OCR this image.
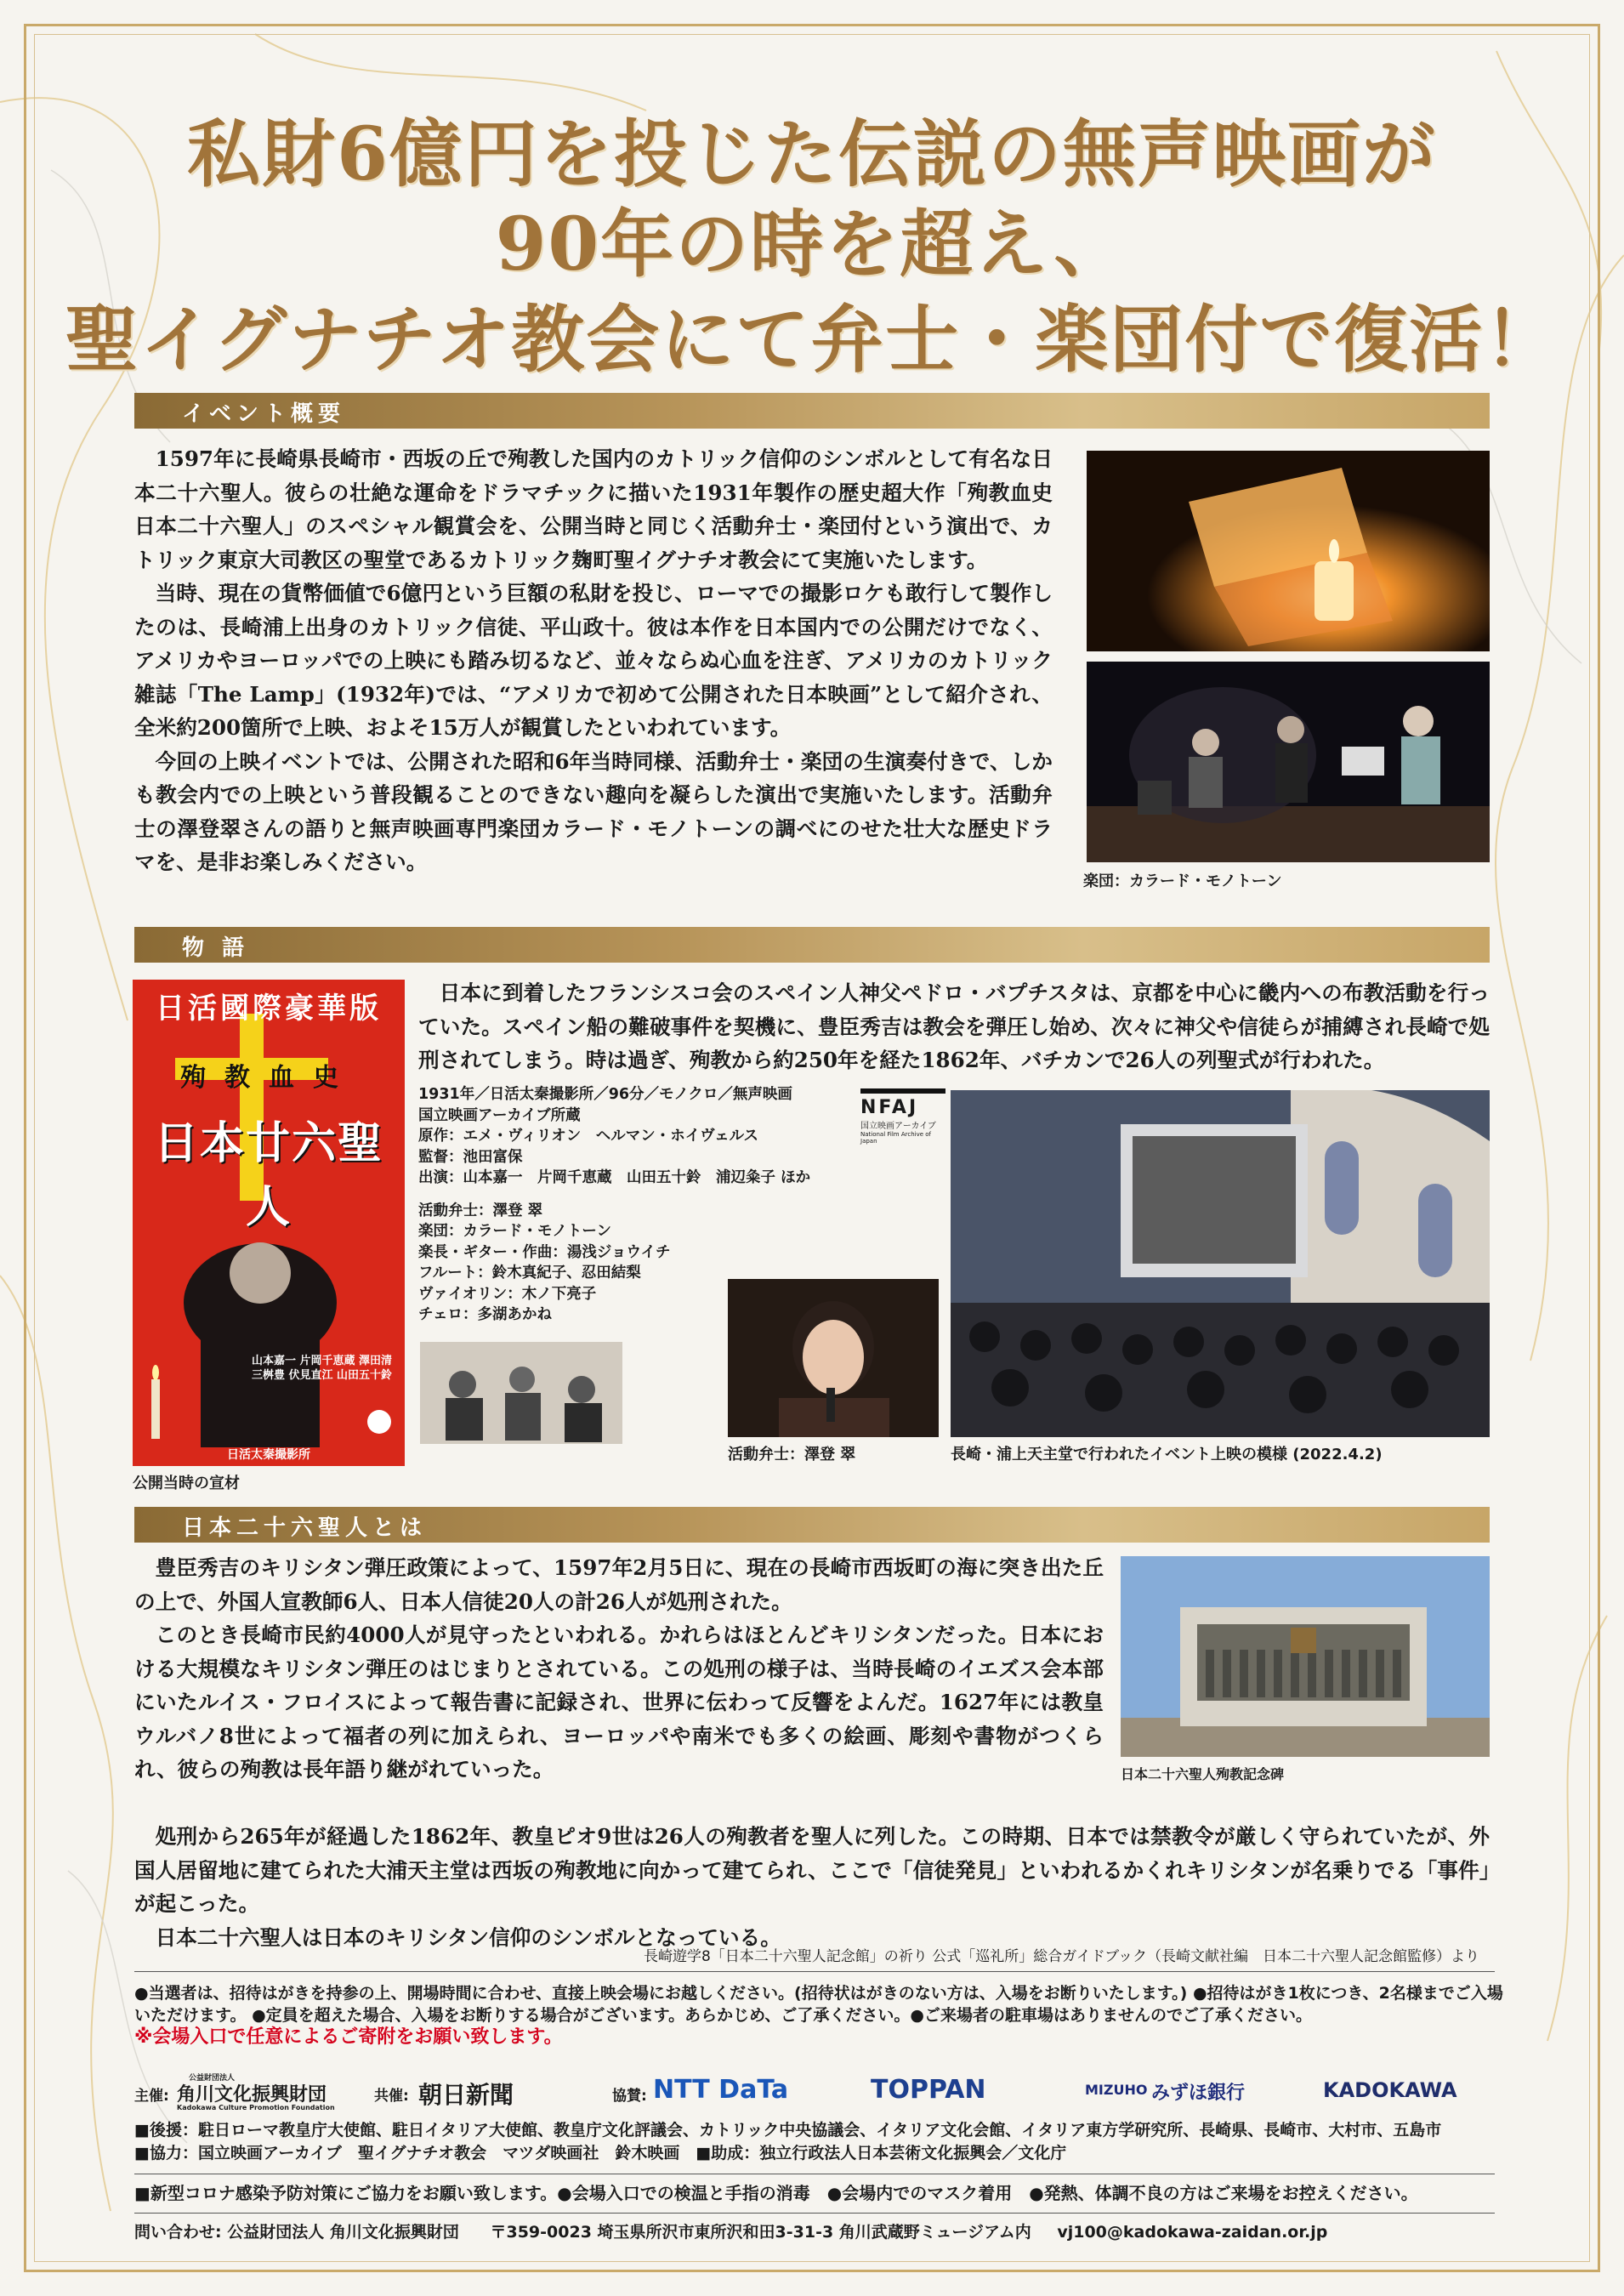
私財6億円を投じた伝説の無声映画が
90年の時を超え、
聖イグナチオ教会にて弁士・楽団付で復活！
イベント概要

1597年に長崎県長崎市・西坂の丘で殉教した国内のカトリック信仰のシンボルとして有名な日本二十六聖人。彼らの壮絶な運命をドラマチックに描いた1931年製作の歴史超大作「殉教血史 日本二十六聖人」のスペシャル観賞会を、公開当時と同じく活動弁士・楽団付という演出で、カトリック東京大司教区の聖堂であるカトリック麹町聖イグナチオ教会にて実施いたします。

当時、現在の貨幣価値で6億円という巨額の私財を投じ、ローマでの撮影ロケも敢行して製作したのは、長崎浦上出身のカトリック信徒、平山政十。彼は本作を日本国内での公開だけでなく、アメリカやヨーロッパでの上映にも踏み切るなど、並々ならぬ心血を注ぎ、アメリカのカトリック雑誌「The Lamp」(1932年)では、“アメリカで初めて公開された日本映画”として紹介され、全米約200箇所で上映、およそ15万人が観賞したといわれています。

今回の上映イベントでは、公開された昭和6年当時同様、活動弁士・楽団の生演奏付きで、しかも教会内での上映という普段観ることのできない趣向を凝らした演出で実施いたします。活動弁士の澤登翠さんの語りと無声映画専門楽団カラード・モノトーンの調べにのせた壮大な歴史ドラマを、是非お楽しみください。

楽団：カラード・モノトーン
物 語
日活國際豪華版
殉教血史
日本廿六聖人
山本嘉一 片岡千恵蔵 澤田清 三桝豊 伏見直江 山田五十鈴
日活太秦撮影所
公開当時の宣材

日本に到着したフランシスコ会のスペイン人神父ペドロ・バプチスタは、京都を中心に畿内への布教活動を行っていた。スペイン船の難破事件を契機に、豊臣秀吉は教会を弾圧し始め、次々に神父や信徒らが捕縛され長崎で処刑されてしまう。時は過ぎ、殉教から約250年を経た1862年、バチカンで26人の列聖式が行われた。

1931年／日活太秦撮影所／96分／モノクロ／無声映画
国立映画アーカイブ所蔵
原作：エメ・ヴィリオン　ヘルマン・ホイヴェルス
監督：池田富保
出演：山本嘉一　片岡千恵蔵　山田五十鈴　浦辺粂子 ほか
活動弁士：澤登 翠
楽団：カラード・モノトーン
楽長・ギター・作曲：湯浅ジョウイチ
フルート：鈴木真紀子、忍田結梨
ヴァイオリン：木ノ下亮子
チェロ：多湖あかね
NFAJ
国立映画アーカイブ
National Film Archive of Japan
活動弁士：澤登 翠	長崎・浦上天主堂で行われたイベント上映の模様 (2022.4.2)
日本二十六聖人とは

豊臣秀吉のキリシタン弾圧政策によって、1597年2月5日に、現在の長崎市西坂町の海に突き出た丘の上で、外国人宣教師6人、日本人信徒20人の計26人が処刑された。

このとき長崎市民約4000人が見守ったといわれる。かれらはほとんどキリシタンだった。日本における大規模なキリシタン弾圧のはじまりとされている。この処刑の様子は、当時長崎のイエズス会本部にいたルイス・フロイスによって報告書に記録され、世界に伝わって反響をよんだ。1627年には教皇ウルバノ8世によって福者の列に加えられ、ヨーロッパや南米でも多くの絵画、彫刻や書物がつくられ、彼らの殉教は長年語り継がれていった。

処刑から265年が経過した1862年、教皇ピオ9世は26人の殉教者を聖人に列した。この時期、日本では禁教令が厳しく守られていたが、外国人居留地に建てられた大浦天主堂は西坂の殉教地に向かって建てられ、ここで「信徒発見」といわれるかくれキリシタンが名乗りでる「事件」が起こった。

日本二十六聖人は日本のキリシタン信仰のシンボルとなっている。

日本二十六聖人殉教記念碑
長崎遊学8「日本二十六聖人記念館」の祈り 公式「巡礼所」総合ガイドブック（長崎文献社編　日本二十六聖人記念館監修）より
●当選者は、招待はがきを持参の上、開場時間に合わせ、直接上映会場にお越しください。(招待状はがきのない方は、入場をお断りいたします。) ●招待はがき1枚につき、2名様までご入場いただけます。 ●定員を超えた場合、入場をお断りする場合がございます。あらかじめ、ご了承ください。●ご来場者の駐車場はありませんのでご了承ください。
※会場入口で任意によるご寄附をお願い致します。
主催:
公益財団法人
角川文化振興財団
Kadokawa Culture Promotion Foundation
共催: 朝日新聞	協賛: NTT DaTa	TOPPAN	MIZUHO みずほ銀行	KADOKAWA
■後援：駐日ローマ教皇庁大使館、駐日イタリア大使館、教皇庁文化評議会、カトリック中央協議会、イタリア文化会館、イタリア東方学研究所、長崎県、長崎市、大村市、五島市
■協力：国立映画アーカイブ　聖イグナチオ教会　マツダ映画社　鈴木映画　■助成：独立行政法人日本芸術文化振興会／文化庁
■新型コロナ感染予防対策にご協力をお願い致します。●会場入口での検温と手指の消毒　●会場内でのマスク着用　●発熱、体調不良の方はご来場をお控えください。
問い合わせ: 公益財団法人 角川文化振興財団 〒359-0023 埼玉県所沢市東所沢和田3-31-3 角川武蔵野ミュージアム内 vj100@kadokawa-zaidan.or.jp
